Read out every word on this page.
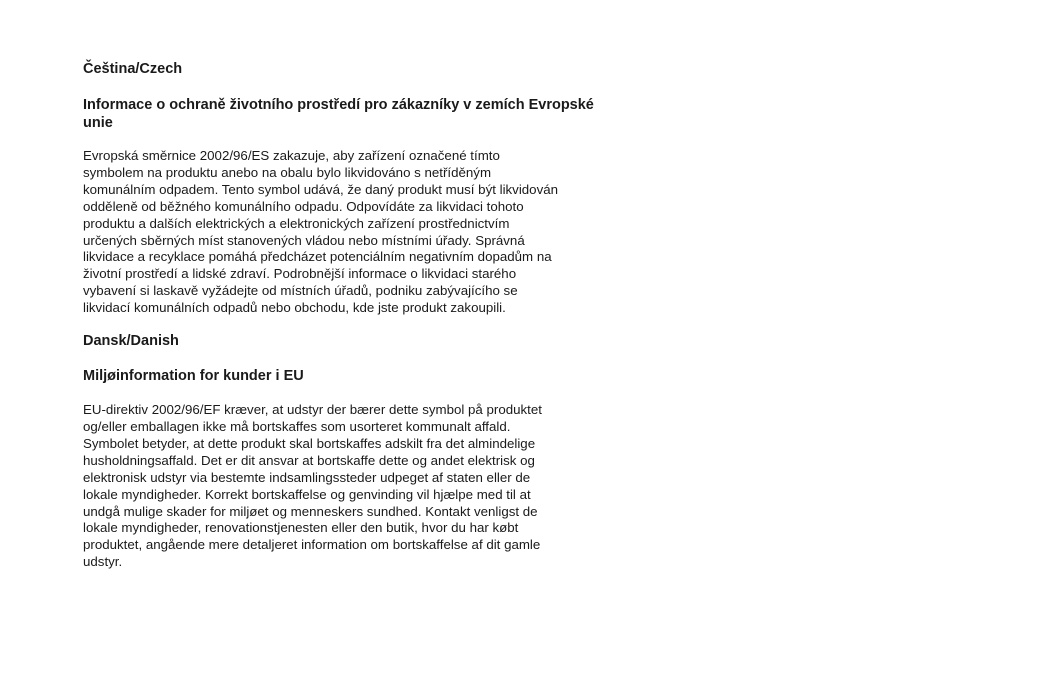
Čeština/Czech
Informace o ochraně životního prostředí pro zákazníky v zemích Evropské
unie

Evropská směrnice 2002/96/ES zakazuje, aby zařízení označené tímto
symbolem na produktu anebo na obalu bylo likvidováno s netříděným
komunálním odpadem. Tento symbol udává, že daný produkt musí být likvidován
odděleně od běžného komunálního odpadu. Odpovídáte za likvidaci tohoto
produktu a dalších elektrických a elektronických zařízení prostřednictvím
určených sběrných míst stanovených vládou nebo místními úřady. Správná
likvidace a recyklace pomáhá předcházet potenciálním negativním dopadům na
životní prostředí a lidské zdraví. Podrobnější informace o likvidaci starého
vybavení si laskavě vyžádejte od místních úřadů, podniku zabývajícího se
likvidací komunálních odpadů nebo obchodu, kde jste produkt zakoupili.

Dansk/Danish
Miljøinformation for kunder i EU

EU-direktiv 2002/96/EF kræver, at udstyr der bærer dette symbol på produktet
og/eller emballagen ikke må bortskaffes som usorteret kommunalt affald.
Symbolet betyder, at dette produkt skal bortskaffes adskilt fra det almindelige
husholdningsaffald. Det er dit ansvar at bortskaffe dette og andet elektrisk og
elektronisk udstyr via bestemte indsamlingssteder udpeget af staten eller de
lokale myndigheder. Korrekt bortskaffelse og genvinding vil hjælpe med til at
undgå mulige skader for miljøet og menneskers sundhed. Kontakt venligst de
lokale myndigheder, renovationstjenesten eller den butik, hvor du har købt
produktet, angående mere detaljeret information om bortskaffelse af dit gamle
udstyr.
